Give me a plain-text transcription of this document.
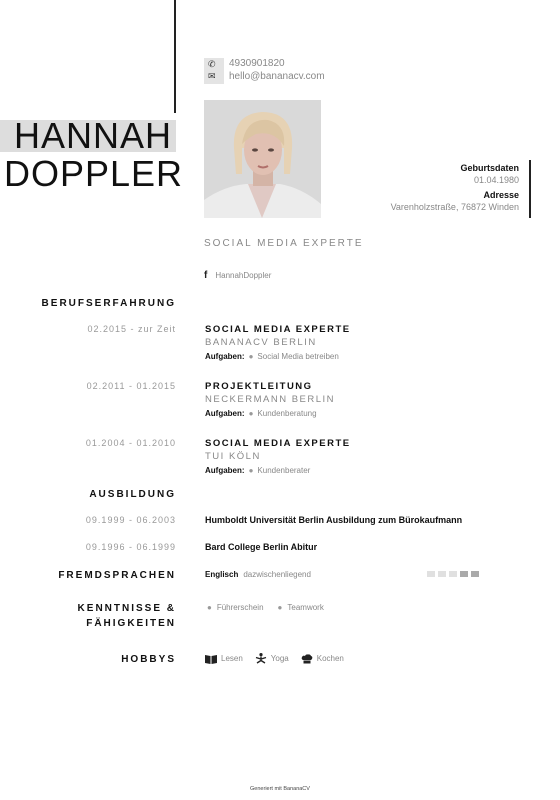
HANNAH
DOPPLER
✆
✉
4930901820
hello@bananacv.com
Geburtsdaten
01.04.1980
Adresse
Varenholzstraße, 76872 Winden
SOCIAL MEDIA EXPERTE
f HannahDoppler
BERUFSERFAHRUNG
02.2015 - zur Zeit	SOCIAL MEDIA EXPERTE
BANANACV BERLIN
Aufgaben: ● Social Media betreiben
02.2011 - 01.2015	PROJEKTLEITUNG
NECKERMANN BERLIN
Aufgaben: ● Kundenberatung
01.2004 - 01.2010	SOCIAL MEDIA EXPERTE
TUI KÖLN
Aufgaben: ● Kundenberater
AUSBILDUNG
09.1999 - 06.2003	Humboldt Universität Berlin Ausbildung zum Bürokaufmann
09.1996 - 06.1999	Bard College Berlin Abitur
FREMDSPRACHEN	Englisch dazwischenliegend
KENNTNISSE &
FÄHIGKEITEN
● Führerschein ● Teamwork
HOBBYS	Lesen	Yoga	Kochen
Generiert mit BananaCV
